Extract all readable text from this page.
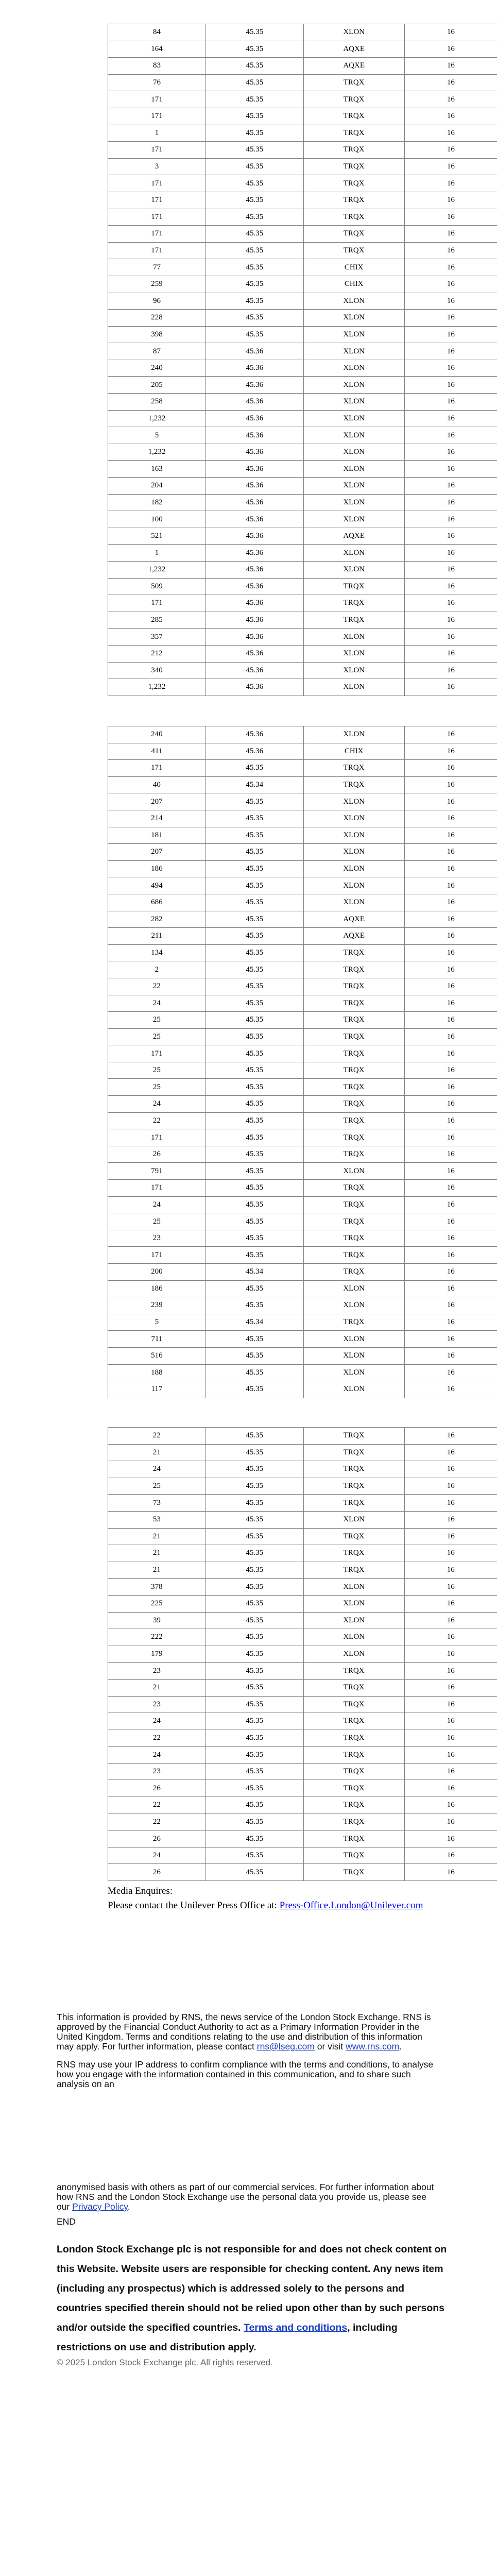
84	45.35	XLON	16
164	45.35	AQXE	16
83	45.35	AQXE	16
76	45.35	TRQX	16
171	45.35	TRQX	16
171	45.35	TRQX	16
1	45.35	TRQX	16
171	45.35	TRQX	16
3	45.35	TRQX	16
171	45.35	TRQX	16
171	45.35	TRQX	16
171	45.35	TRQX	16
171	45.35	TRQX	16
171	45.35	TRQX	16
77	45.35	CHIX	16
259	45.35	CHIX	16
96	45.35	XLON	16
228	45.35	XLON	16
398	45.35	XLON	16
87	45.36	XLON	16
240	45.36	XLON	16
205	45.36	XLON	16
258	45.36	XLON	16
1,232	45.36	XLON	16
5	45.36	XLON	16
1,232	45.36	XLON	16
163	45.36	XLON	16
204	45.36	XLON	16
182	45.36	XLON	16
100	45.36	XLON	16
521	45.36	AQXE	16
1	45.36	XLON	16
1,232	45.36	XLON	16
509	45.36	TRQX	16
171	45.36	TRQX	16
285	45.36	TRQX	16
357	45.36	XLON	16
212	45.36	XLON	16
340	45.36	XLON	16
1,232	45.36	XLON	16
240	45.36	XLON	16
411	45.36	CHIX	16
171	45.35	TRQX	16
40	45.34	TRQX	16
207	45.35	XLON	16
214	45.35	XLON	16
181	45.35	XLON	16
207	45.35	XLON	16
186	45.35	XLON	16
494	45.35	XLON	16
686	45.35	XLON	16
282	45.35	AQXE	16
211	45.35	AQXE	16
134	45.35	TRQX	16
2	45.35	TRQX	16
22	45.35	TRQX	16
24	45.35	TRQX	16
25	45.35	TRQX	16
25	45.35	TRQX	16
171	45.35	TRQX	16
25	45.35	TRQX	16
25	45.35	TRQX	16
24	45.35	TRQX	16
22	45.35	TRQX	16
171	45.35	TRQX	16
26	45.35	TRQX	16
791	45.35	XLON	16
171	45.35	TRQX	16
24	45.35	TRQX	16
25	45.35	TRQX	16
23	45.35	TRQX	16
171	45.35	TRQX	16
200	45.34	TRQX	16
186	45.35	XLON	16
239	45.35	XLON	16
5	45.34	TRQX	16
711	45.35	XLON	16
516	45.35	XLON	16
188	45.35	XLON	16
117	45.35	XLON	16
22	45.35	TRQX	16
21	45.35	TRQX	16
24	45.35	TRQX	16
25	45.35	TRQX	16
73	45.35	TRQX	16
53	45.35	XLON	16
21	45.35	TRQX	16
21	45.35	TRQX	16
21	45.35	TRQX	16
378	45.35	XLON	16
225	45.35	XLON	16
39	45.35	XLON	16
222	45.35	XLON	16
179	45.35	XLON	16
23	45.35	TRQX	16
21	45.35	TRQX	16
23	45.35	TRQX	16
24	45.35	TRQX	16
22	45.35	TRQX	16
24	45.35	TRQX	16
23	45.35	TRQX	16
26	45.35	TRQX	16
22	45.35	TRQX	16
22	45.35	TRQX	16
26	45.35	TRQX	16
24	45.35	TRQX	16
26	45.35	TRQX	16
Media Enquires:
Please contact the Unilever Press Office at: Press-Office.London@Unilever.com
This information is provided by RNS, the news service of the London Stock Exchange. RNS is approved by the Financial Conduct Authority to act as a Primary Information Provider in the United Kingdom. Terms and conditions relating to the use and distribution of this information may apply. For further information, please contact rns@lseg.com or visit www.rns.com.
RNS may use your IP address to confirm compliance with the terms and conditions, to analyse how you engage with the information contained in this communication, and to share such analysis on an
anonymised basis with others as part of our commercial services. For further information about how RNS and the London Stock Exchange use the personal data you provide us, please see our Privacy Policy.
END
London Stock Exchange plc is not responsible for and does not check content on this Website. Website users are responsible for checking content. Any news item (including any prospectus) which is addressed solely to the persons and countries specified therein should not be relied upon other than by such persons and/or outside the specified countries. Terms and conditions, including restrictions on use and distribution apply.
© 2025 London Stock Exchange plc. All rights reserved.
